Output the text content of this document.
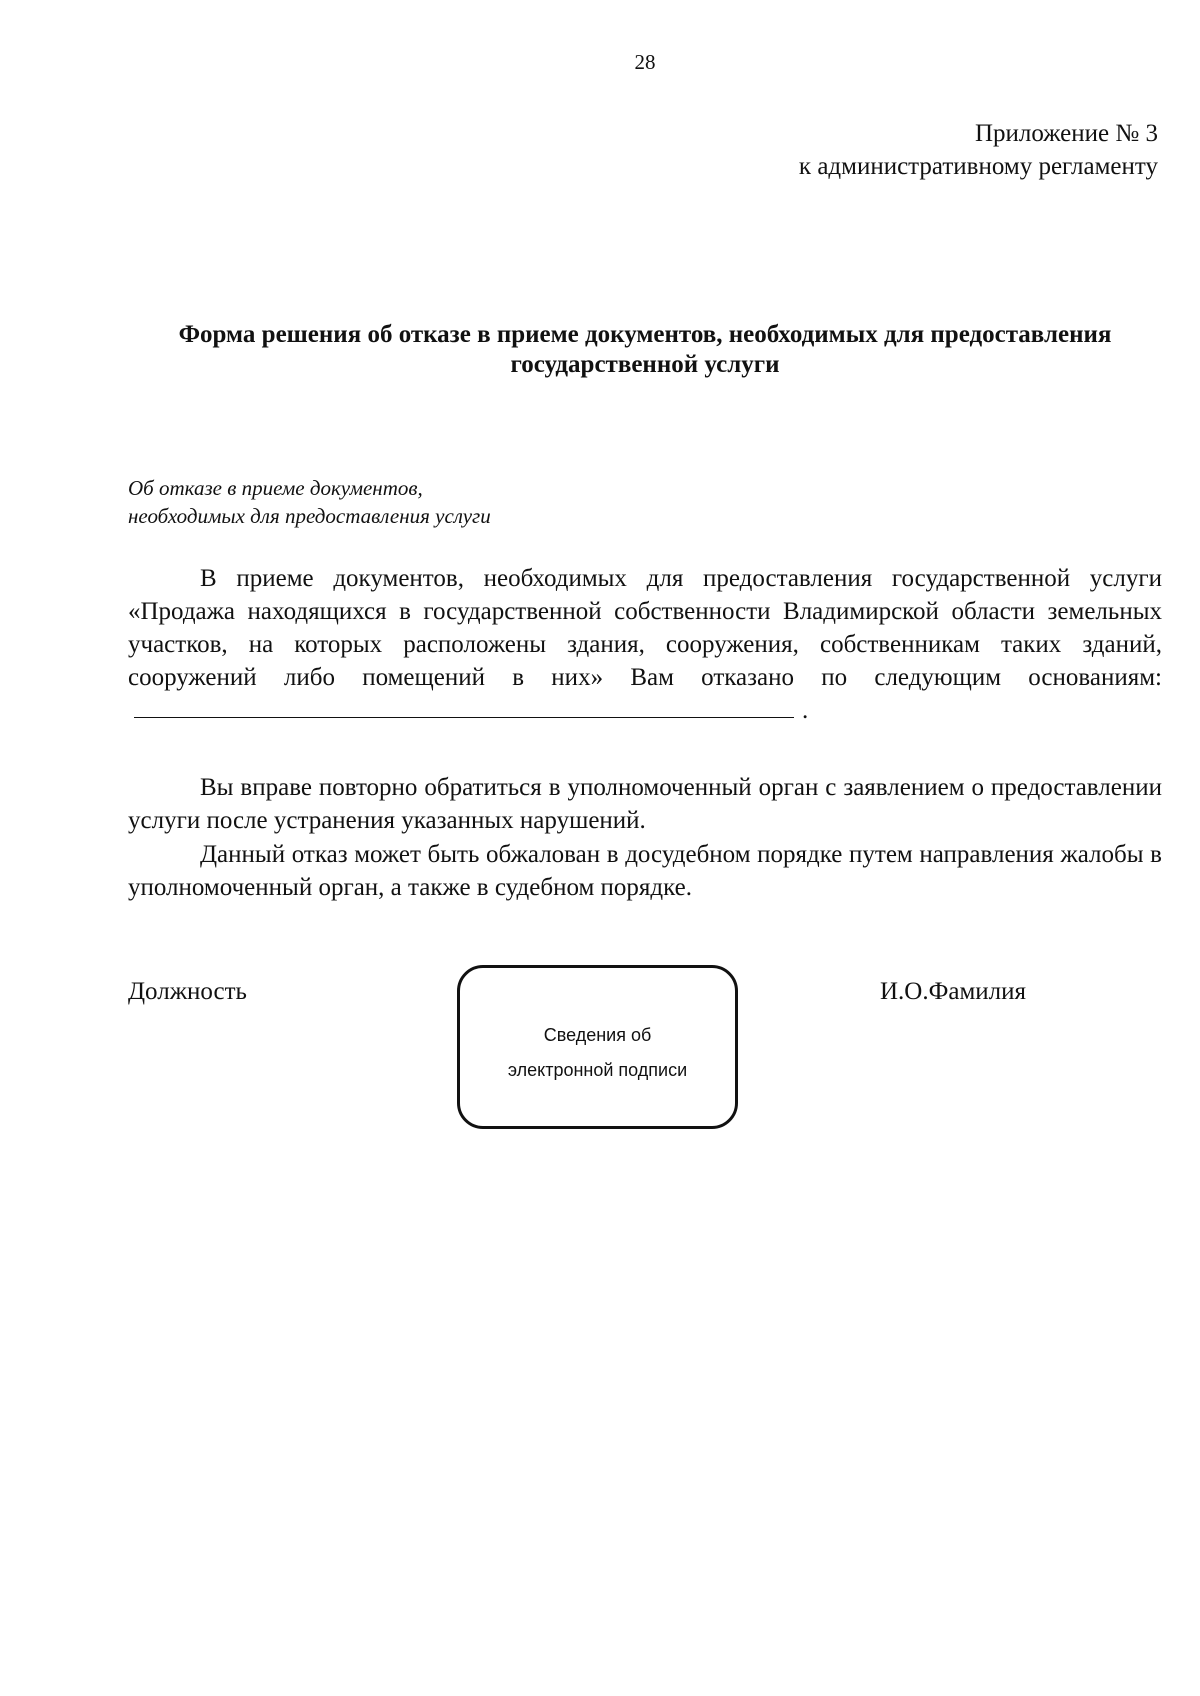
28
Приложение № 3
к административному регламенту
Форма решения об отказе в приеме документов, необходимых для предоставления государственной услуги
Об отказе в приеме документов,
необходимых для предоставления услуги

В приеме документов, необходимых для предоставления государственной услуги «Продажа находящихся в государственной собственности Владимирской области земельных участков, на которых расположены здания, сооружения, собственникам таких зданий, сооружений либо помещений в них» Вам отказано по следующим основаниям:.

Вы вправе повторно обратиться в уполномоченный орган с заявлением о предоставлении услуги после устранения указанных нарушений.

Данный отказ может быть обжалован в досудебном порядке путем направления жалобы в уполномоченный орган, а также в судебном порядке.

Должность
Сведения об
электронной подписи
И.О.Фамилия
